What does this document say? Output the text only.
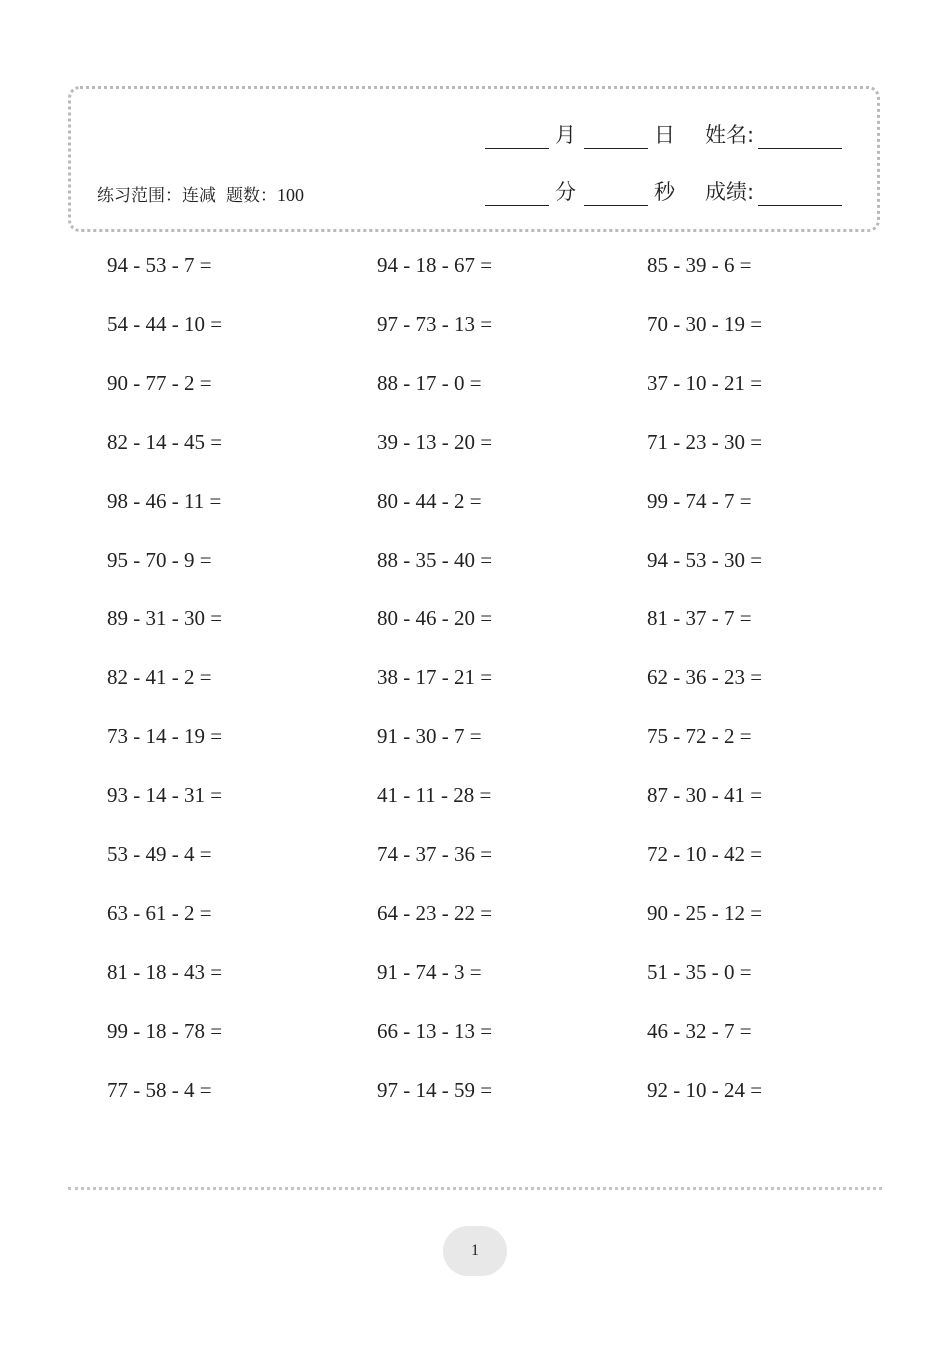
练习范围：连减 题数：100
月	日 姓名:
分	秒 成绩:
94 - 53 - 7 =	94 - 18 - 67 =	85 - 39 - 6 =
54 - 44 - 10 =	97 - 73 - 13 =	70 - 30 - 19 =
90 - 77 - 2 =	88 - 17 - 0 =	37 - 10 - 21 =
82 - 14 - 45 =	39 - 13 - 20 =	71 - 23 - 30 =
98 - 46 - 11 =	80 - 44 - 2 =	99 - 74 - 7 =
95 - 70 - 9 =	88 - 35 - 40 =	94 - 53 - 30 =
89 - 31 - 30 =	80 - 46 - 20 =	81 - 37 - 7 =
82 - 41 - 2 =	38 - 17 - 21 =	62 - 36 - 23 =
73 - 14 - 19 =	91 - 30 - 7 =	75 - 72 - 2 =
93 - 14 - 31 =	41 - 11 - 28 =	87 - 30 - 41 =
53 - 49 - 4 =	74 - 37 - 36 =	72 - 10 - 42 =
63 - 61 - 2 =	64 - 23 - 22 =	90 - 25 - 12 =
81 - 18 - 43 =	91 - 74 - 3 =	51 - 35 - 0 =
99 - 18 - 78 =	66 - 13 - 13 =	46 - 32 - 7 =
77 - 58 - 4 =	97 - 14 - 59 =	92 - 10 - 24 =
1
